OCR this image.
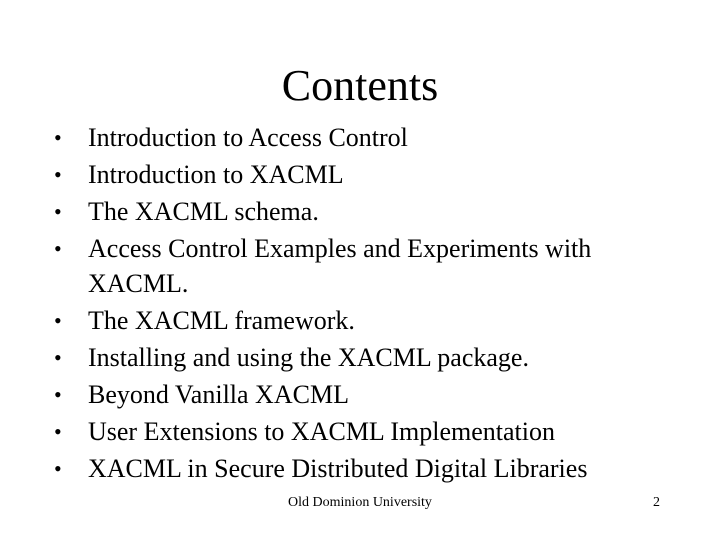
Contents
•	Introduction to Access Control
•	Introduction to XACML
•	The XACML schema.
•	Access Control Examples and Experiments with XACML.
•	The XACML framework.
•	Installing and using the XACML package.
•	Beyond Vanilla XACML
•	User Extensions to XACML Implementation
•	XACML in Secure Distributed Digital Libraries
Old Dominion University	2
